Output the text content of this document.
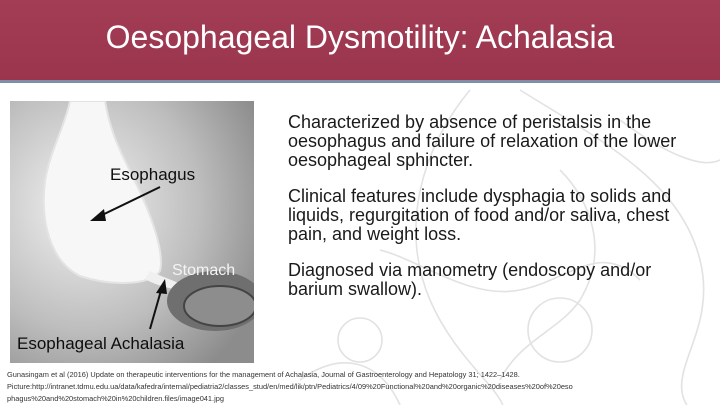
Oesophageal Dysmotility: Achalasia
Esophagus
Stomach
Esophageal Achalasia
Characterized by absence of peristalsis in the oesophagus and failure of relaxation of the lower oesophageal sphincter.
Clinical features include dysphagia to solids and liquids, regurgitation of food and/or saliva, chest pain, and weight loss.
Diagnosed via manometry (endoscopy and/or barium swallow).
Gunasingam et al (2016) Update on therapeutic interventions for the management of Achalasia, Journal of Gastroenterology and Hepatology 31; 1422–1428.
Picture:http://intranet.tdmu.edu.ua/data/kafedra/internal/pediatria2/classes_stud/en/med/lik/ptn/Pediatrics/4/09%20Functional%20and%20organic%20diseases%20of%20eso
phagus%20and%20stomach%20in%20children.files/image041.jpg
